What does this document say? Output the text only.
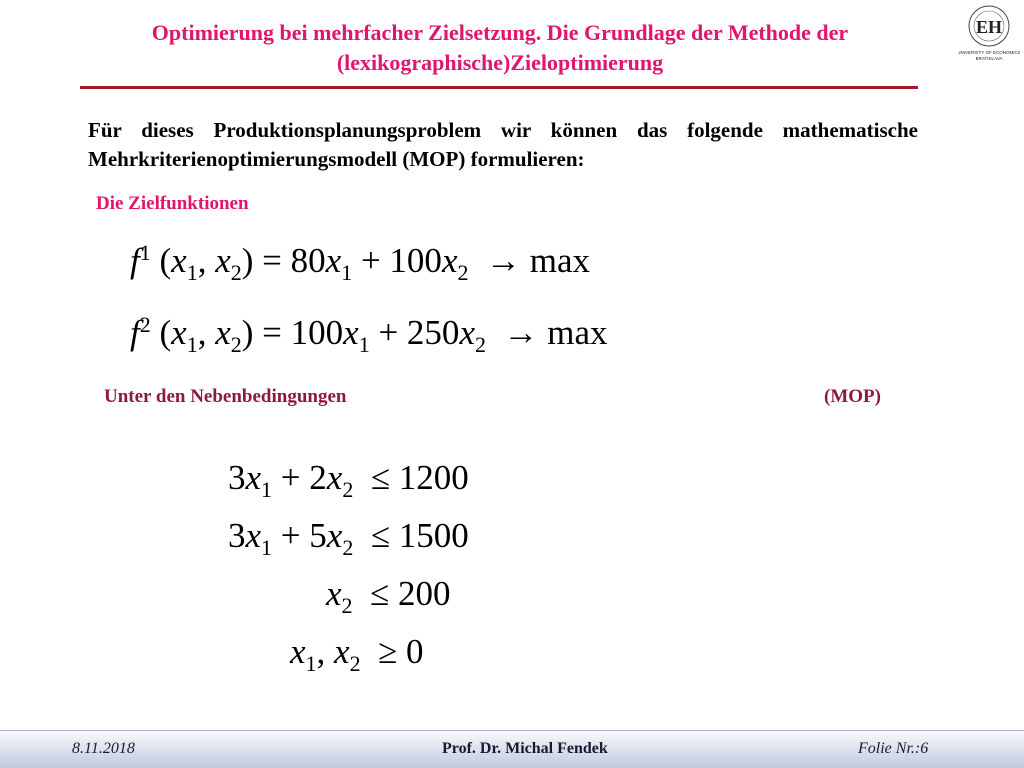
Optimierung bei mehrfacher Zielsetzung. Die Grundlage der Methode der
(lexikographische)Zieloptimierung
EH
UNIVERSITY OF ECONOMICS
BRATISLAVA
Für dieses Produktionsplanungsproblem wir können das folgende mathematische Mehrkriterienoptimierungsmodell (MOP) formulieren:
Die Zielfunktionen
$f^1$ ($x_1$, $x_2) = 80x_1 + 100x_2 \to \max$
$f^2$ ($x_1$, $x_2) = 100x_1 + 250x_2 \to \max$
Unter den Nebenbedingungen	(MOP)
$3x_1 + 2x_2 \le 1200$
$3x_1 + 5x_2 \le 1500$
$x_2 \le 200$
$x_1$, $x_2 \ge 0$
8.11.2018	Prof. Dr. Michal Fendek	Folie Nr.:6
